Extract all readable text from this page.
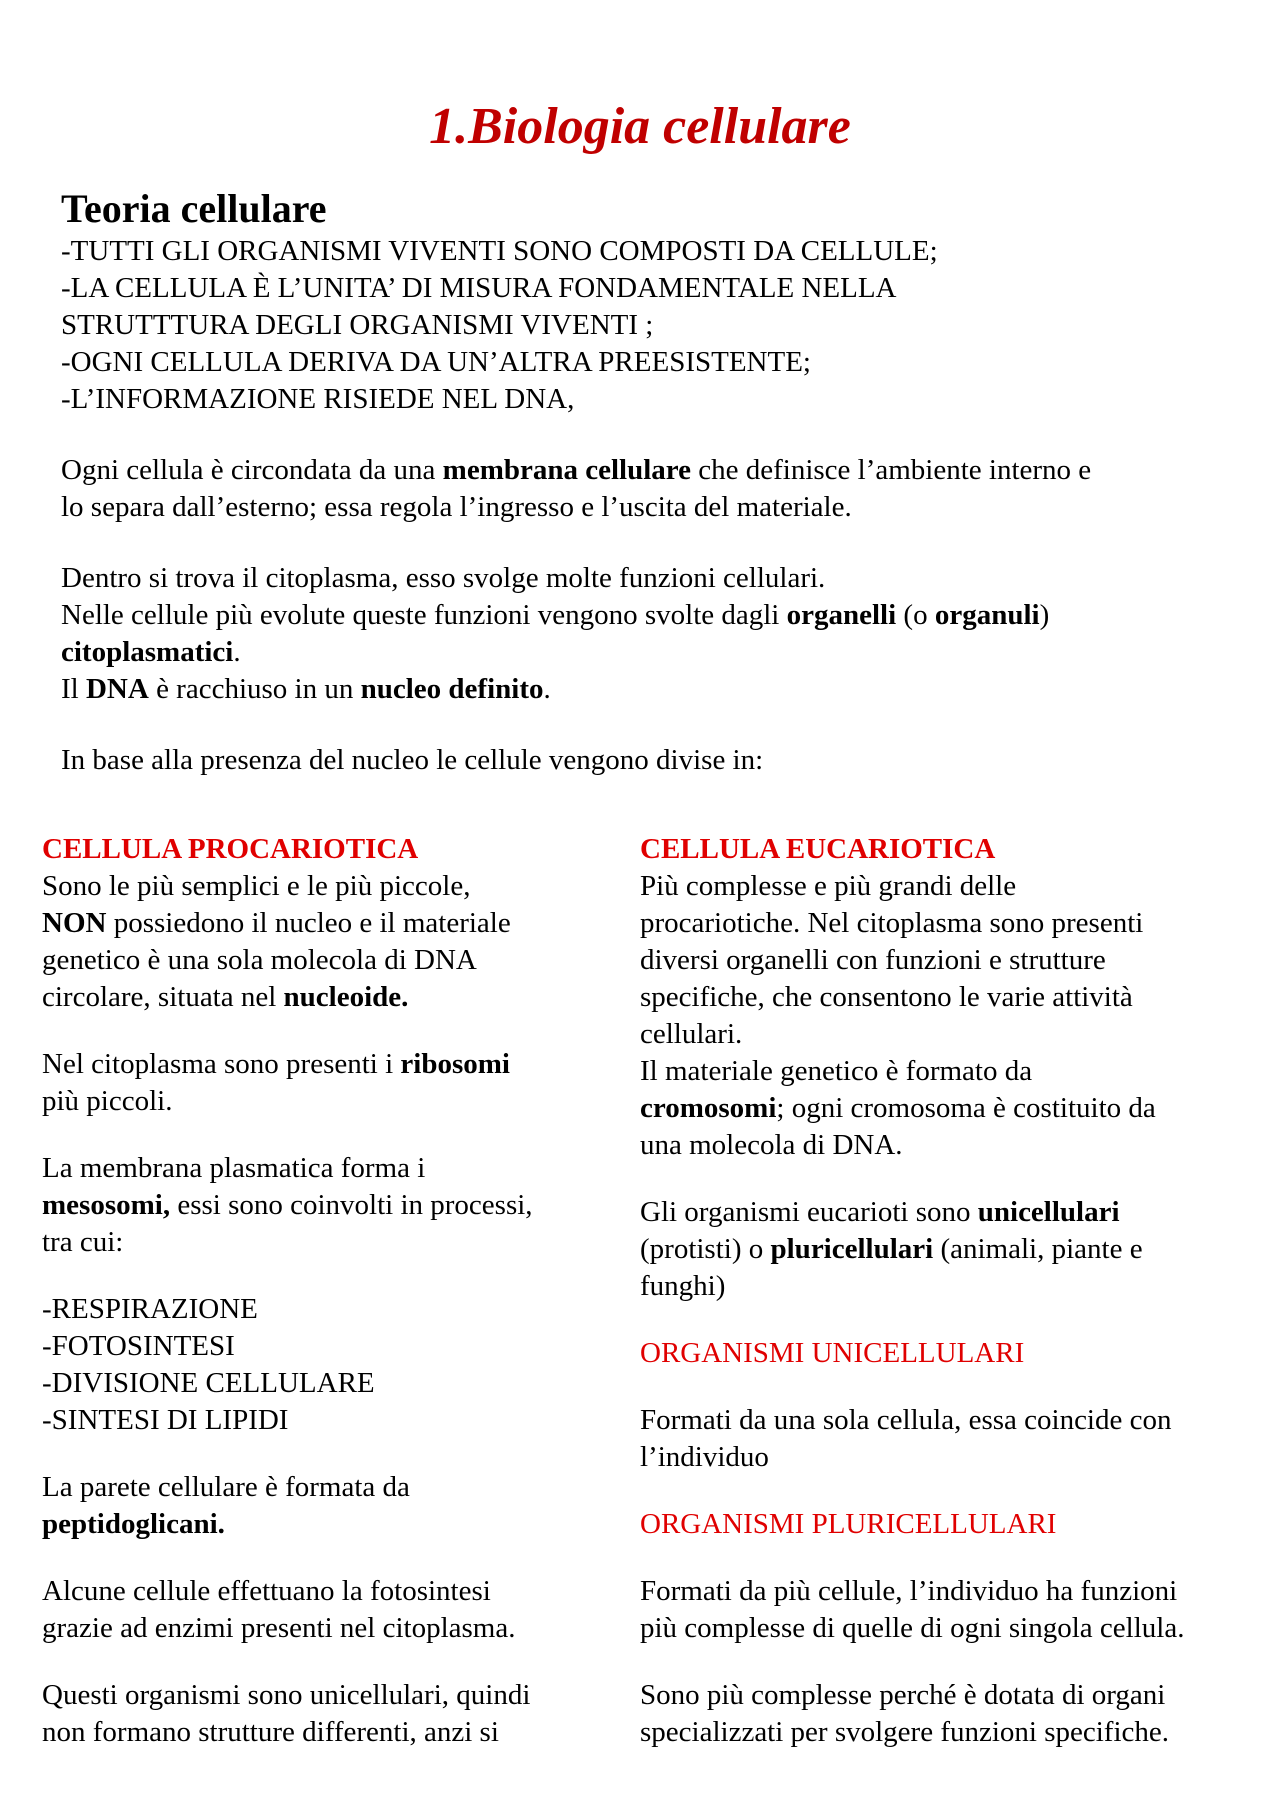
1.Biologia cellulare
Teoria cellulare

-TUTTI GLI ORGANISMI VIVENTI SONO COMPOSTI DA CELLULE;

-LA CELLULA È L’UNITA’ DI MISURA FONDAMENTALE NELLA

STRUTTTURA DEGLI ORGANISMI VIVENTI ;

-OGNI CELLULA DERIVA DA UN’ALTRA PREESISTENTE;

-L’INFORMAZIONE RISIEDE NEL DNA,

Ogni cellula è circondata da una membrana cellulare che definisce l’ambiente interno e

lo separa dall’esterno; essa regola l’ingresso e l’uscita del materiale.

Dentro si trova il citoplasma, esso svolge molte funzioni cellulari.

Nelle cellule più evolute queste funzioni vengono svolte dagli organelli (o organuli)

citoplasmatici.

Il DNA è racchiuso in un nucleo definito.

In base alla presenza del nucleo le cellule vengono divise in:

CELLULA PROCARIOTICA

Sono le più semplici e le più piccole,

NON possiedono il nucleo e il materiale

genetico è una sola molecola di DNA

circolare, situata nel nucleoide.

Nel citoplasma sono presenti i ribosomi

più piccoli.

La membrana plasmatica forma i

mesosomi, essi sono coinvolti in processi,

tra cui:

-RESPIRAZIONE

-FOTOSINTESI

-DIVISIONE CELLULARE

-SINTESI DI LIPIDI

La parete cellulare è formata da

peptidoglicani.

Alcune cellule effettuano la fotosintesi

grazie ad enzimi presenti nel citoplasma.

Questi organismi sono unicellulari, quindi

non formano strutture differenti, anzi si

CELLULA EUCARIOTICA

Più complesse e più grandi delle

procariotiche. Nel citoplasma sono presenti

diversi organelli con funzioni e strutture

specifiche, che consentono le varie attività

cellulari.

Il materiale genetico è formato da

cromosomi; ogni cromosoma è costituito da

una molecola di DNA.

Gli organismi eucarioti sono unicellulari

(protisti) o pluricellulari (animali, piante e

funghi)

ORGANISMI UNICELLULARI

Formati da una sola cellula, essa coincide con

l’individuo

ORGANISMI PLURICELLULARI

Formati da più cellule, l’individuo ha funzioni

più complesse di quelle di ogni singola cellula.

Sono più complesse perché è dotata di organi

specializzati per svolgere funzioni specifiche.
